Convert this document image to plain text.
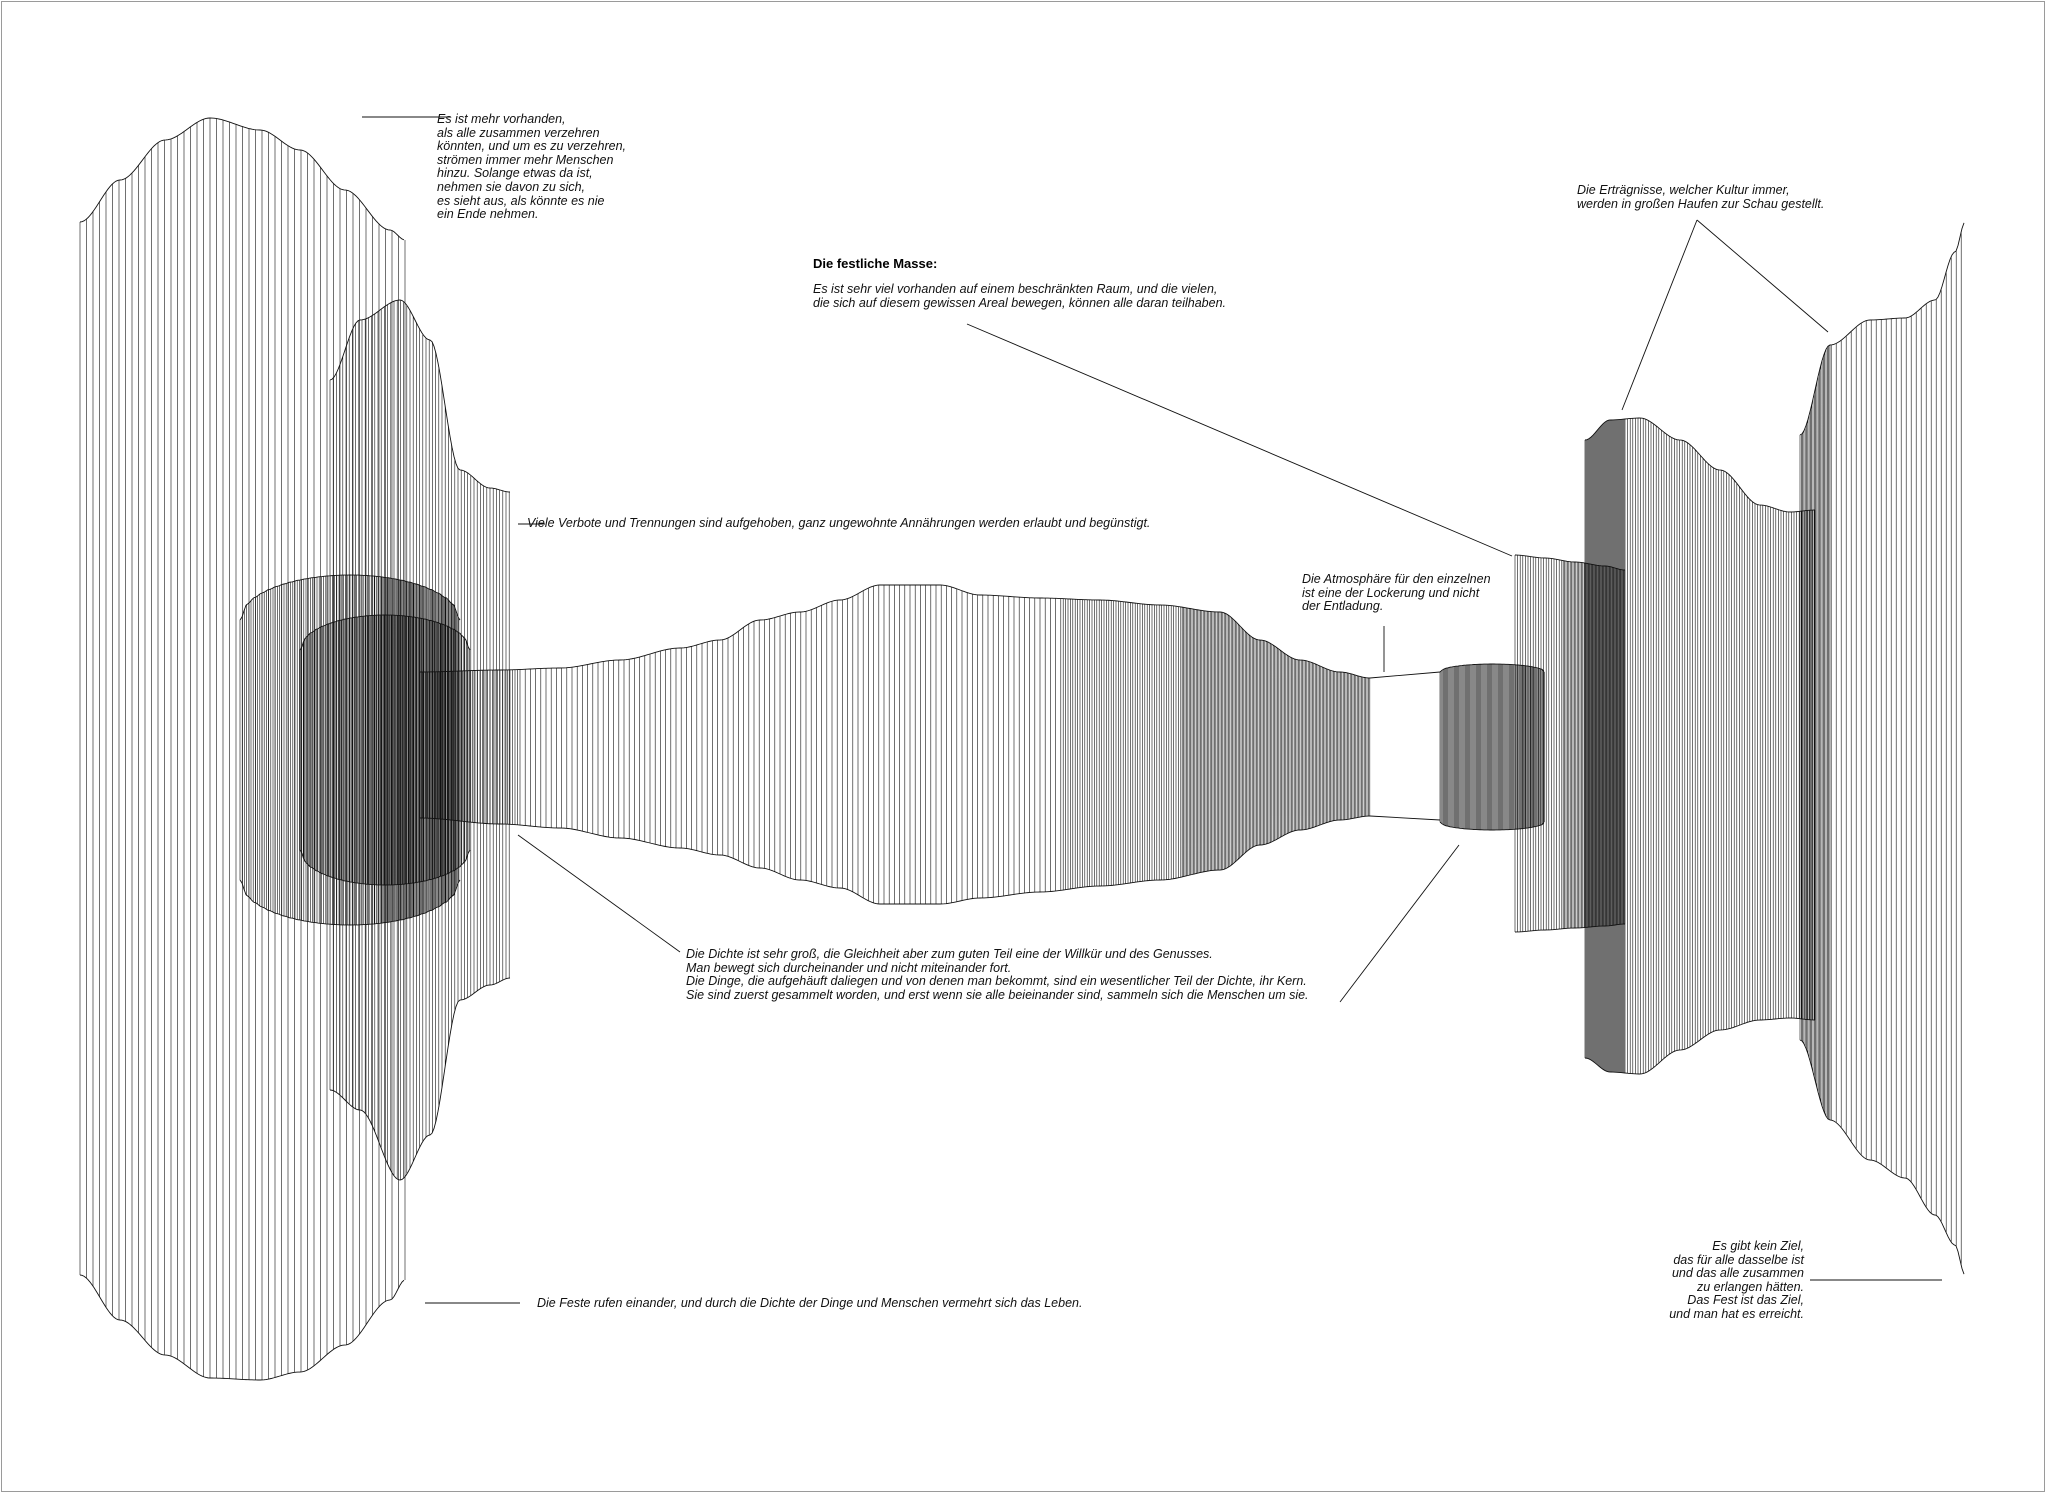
Es ist mehr vorhanden,
als alle zusammen verzehren
könnten, und um es zu verzehren,
strömen immer mehr Menschen
hinzu. Solange etwas da ist,
nehmen sie davon zu sich,
es sieht aus, als könnte es nie
ein Ende nehmen.
Die festliche Masse:
Es ist sehr viel vorhanden auf einem beschränkten Raum, und die vielen,
die sich auf diesem gewissen Areal bewegen, können alle daran teilhaben.
Die Erträgnisse, welcher Kultur immer,
werden in großen Haufen zur Schau gestellt.
Viele Verbote und Trennungen sind aufgehoben, ganz ungewohnte Annährungen werden erlaubt und begünstigt.
Die Atmosphäre für den einzelnen
ist eine der Lockerung und nicht
der Entladung.
Die Dichte ist sehr groß, die Gleichheit aber zum guten Teil eine der Willkür und des Genusses.
Man bewegt sich durcheinander und nicht miteinander fort.
Die Dinge, die aufgehäuft daliegen und von denen man bekommt, sind ein wesentlicher Teil der Dichte, ihr Kern.
Sie sind zuerst gesammelt worden, und erst wenn sie alle beieinander sind, sammeln sich die Menschen um sie.
Die Feste rufen einander, und durch die Dichte der Dinge und Menschen vermehrt sich das Leben.
Es gibt kein Ziel,
das für alle dasselbe ist
und das alle zusammen
zu erlangen hätten.
Das Fest ist das Ziel,
und man hat es erreicht.
